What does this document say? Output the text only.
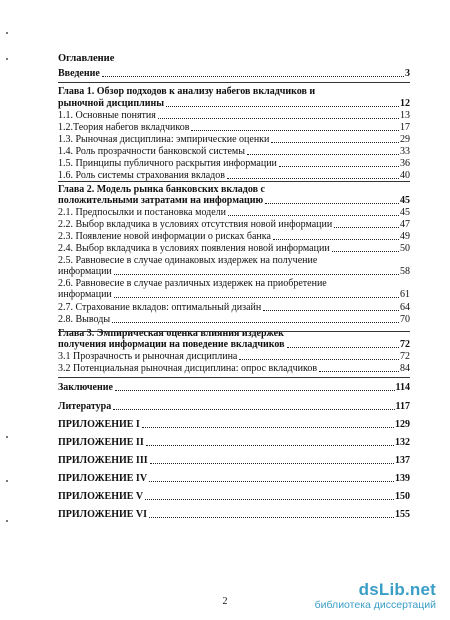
Оглавление
Введение	3
Глава 1. Обзор подходов к анализу набегов вкладчиков и
рыночной дисциплины	12
1.1. Основные понятия	13
1.2.Теория набегов вкладчиков	17
1.3. Рыночная дисциплина: эмпирические оценки	29
1.4. Роль прозрачности банковской системы	33
1.5. Принципы публичного раскрытия информации	36
1.6. Роль системы страхования вкладов	40
Глава 2. Модель рынка банковских вкладов с
положительными затратами на информацию	45
2.1. Предпосылки и постановка модели	45
2.2. Выбор вкладчика в условиях отсутствия новой информации	47
2.3. Появление новой информации о рисках банка	49
2.4. Выбор вкладчика в условиях появления новой информации	50
2.5. Равновесие в случае одинаковых издержек на получение
информации	58
2.6. Равновесие в случае различных издержек на приобретение
информации	61
2.7. Страхование вкладов: оптимальный дизайн	64
2.8. Выводы	70
Глава 3. Эмпирическая оценка влияния издержек
получения информации на поведение вкладчиков	72
3.1 Прозрачность и рыночная дисциплина	72
3.2 Потенциальная рыночная дисциплина: опрос вкладчиков	84
Заключение	114
Литература	117
ПРИЛОЖЕНИЕ I	129
ПРИЛОЖЕНИЕ II	132
ПРИЛОЖЕНИЕ III	137
ПРИЛОЖЕНИЕ IV	139
ПРИЛОЖЕНИЕ V	150
ПРИЛОЖЕНИЕ VI	155
2
dsLib.net
библиотека диссертаций
